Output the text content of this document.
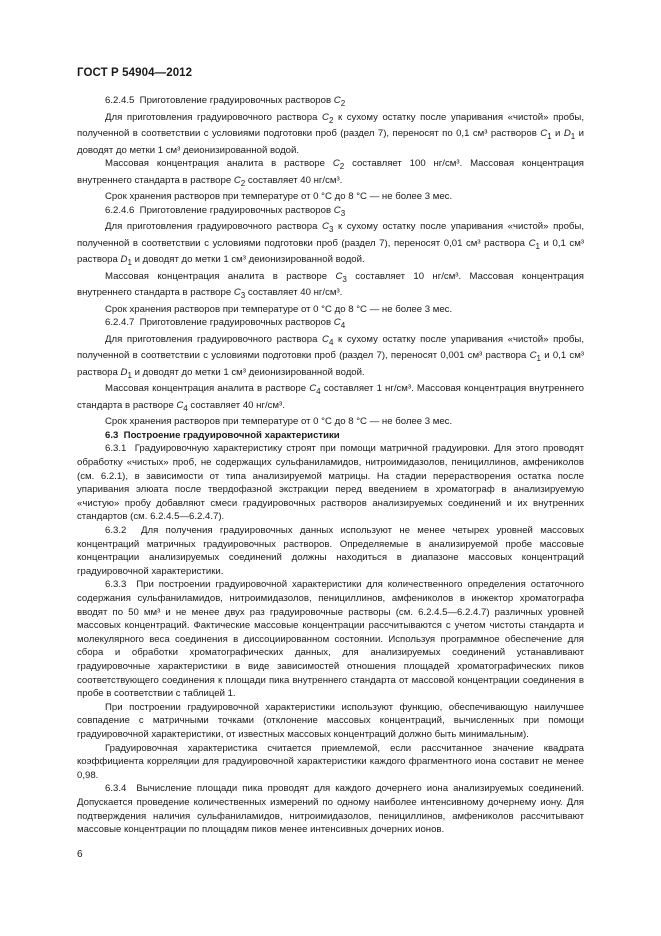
ГОСТ Р 54904—2012

6.2.4.5  Приготовление градуировочных растворов $С_2$

Для приготовления градуировочного раствора $С_2$ к сухому остатку после упаривания «чистой» пробы, полученной в соответствии с условиями подготовки проб (раздел 7), переносят по 0,1 см³ растворов $С_1$ и $D_1$ и доводят до метки 1 см³ деионизированной водой.

Массовая концентрация аналита в растворе $С_2$ составляет 100 нг/см³. Массовая концентрация внутреннего стандарта в растворе $С_2$ составляет 40 нг/см³.

Срок хранения растворов при температуре от 0 °С до 8 °С — не более 3 мес.

6.2.4.6  Приготовление градуировочных растворов $С_3$

Для приготовления градуировочного раствора $С_3$ к сухому остатку после упаривания «чистой» пробы, полученной в соответствии с условиями подготовки проб (раздел 7), переносят 0,01 см³ раствора $С_1$ и 0,1 см³ раствора $D_1$ и доводят до метки 1 см³ деионизированной водой.

Массовая концентрация аналита в растворе $С_3$ составляет 10 нг/см³. Массовая концентрация внутреннего стандарта в растворе $С_3$ составляет 40 нг/см³.

Срок хранения растворов при температуре от 0 °С до 8 °С — не более 3 мес.

6.2.4.7  Приготовление градуировочных растворов $С_4$

Для приготовления градуировочного раствора $С_4$ к сухому остатку после упаривания «чистой» пробы, полученной в соответствии с условиями подготовки проб (раздел 7), переносят 0,001 см³ раствора $С_1$ и 0,1 см³ раствора $D_1$ и доводят до метки 1 см³ деионизированной водой.

Массовая концентрация аналита в растворе $С_4$ составляет 1 нг/см³. Массовая концентрация внутреннего стандарта в растворе $С_4$ составляет 40 нг/см³.

Срок хранения растворов при температуре от 0 °С до 8 °С — не более 3 мес.

6.3  Построение градуировочной характеристики

6.3.1  Градуировочную характеристику строят при помощи матричной градуировки. Для этого проводят обработку «чистых» проб, не содержащих сульфаниламидов, нитроимидазолов, пенициллинов, амфениколов (см. 6.2.1), в зависимости от типа анализируемой матрицы. На стадии перерастворения остатка после упаривания элюата после твердофазной экстракции перед введением в хроматограф в анализируемую «чистую» пробу добавляют смеси градуировочных растворов анализируемых соединений и их внутренних стандартов (см. 6.2.4.5—6.2.4.7).

6.3.2  Для получения градуировочных данных используют не менее четырех уровней массовых концентраций матричных градуировочных растворов. Определяемые в анализируемой пробе массовые концентрации анализируемых соединений должны находиться в диапазоне массовых концентраций градуировочной характеристики.

6.3.3  При построении градуировочной характеристики для количественного определения остаточного содержания сульфаниламидов, нитроимидазолов, пенициллинов, амфениколов в инжектор хроматографа вводят по 50 мм³ и не менее двух раз градуировочные растворы (см. 6.2.4.5—6.2.4.7) различных уровней массовых концентраций. Фактические массовые концентрации рассчитываются с учетом чистоты стандарта и молекулярного веса соединения в диссоциированном состоянии. Используя программное обеспечение для сбора и обработки хроматографических данных, для анализируемых соединений устанавливают градуировочные характеристики в виде зависимостей отношения площадей хроматографических пиков соответствующего соединения к площади пика внутреннего стандарта от массовой концентрации соединения в пробе в соответствии с таблицей 1.

При построении градуировочной характеристики используют функцию, обеспечивающую наилучшее совпадение с матричными точками (отклонение массовых концентраций, вычисленных при помощи градуировочной характеристики, от известных массовых концентраций должно быть минимальным).

Градуировочная характеристика считается приемлемой, если рассчитанное значение квадрата коэффициента корреляции для градуировочной характеристики каждого фрагментного иона составит не менее 0,98.

6.3.4  Вычисление площади пика проводят для каждого дочернего иона анализируемых соединений. Допускается проведение количественных измерений по одному наиболее интенсивному дочернему иону. Для подтверждения наличия сульфаниламидов, нитроимидазолов, пенициллинов, амфениколов рассчитывают массовые концентрации по площадям пиков менее интенсивных дочерних ионов.

6
